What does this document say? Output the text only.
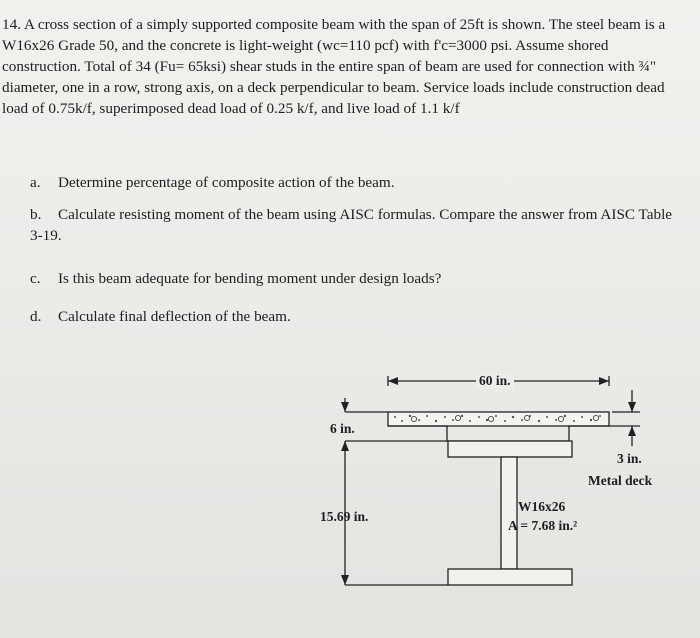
14. A cross section of a simply supported composite beam with the span of 25ft is shown. The steel beam is a W16x26 Grade 50, and the concrete is light-weight (wc=110 pcf) with f'c=3000 psi. Assume shored construction. Total of 34 (Fu= 65ksi) shear studs in the entire span of beam are used for connection with ¾" diameter, one in a row, strong axis, on a deck perpendicular to beam. Service loads include construction dead load of 0.75k/f, superimposed dead load of 0.25 k/f, and live load of 1.1 k/f
a. Determine percentage of composite action of the beam.
b. Calculate resisting moment of the beam using AISC formulas. Compare the answer from AISC Table 3-19.
c. Is this beam adequate for bending moment under design loads?
d. Calculate final deflection of the beam.
60 in.
6 in.
3 in.
Metal deck
15.69 in.
W16x26
A = 7.68 in.²
